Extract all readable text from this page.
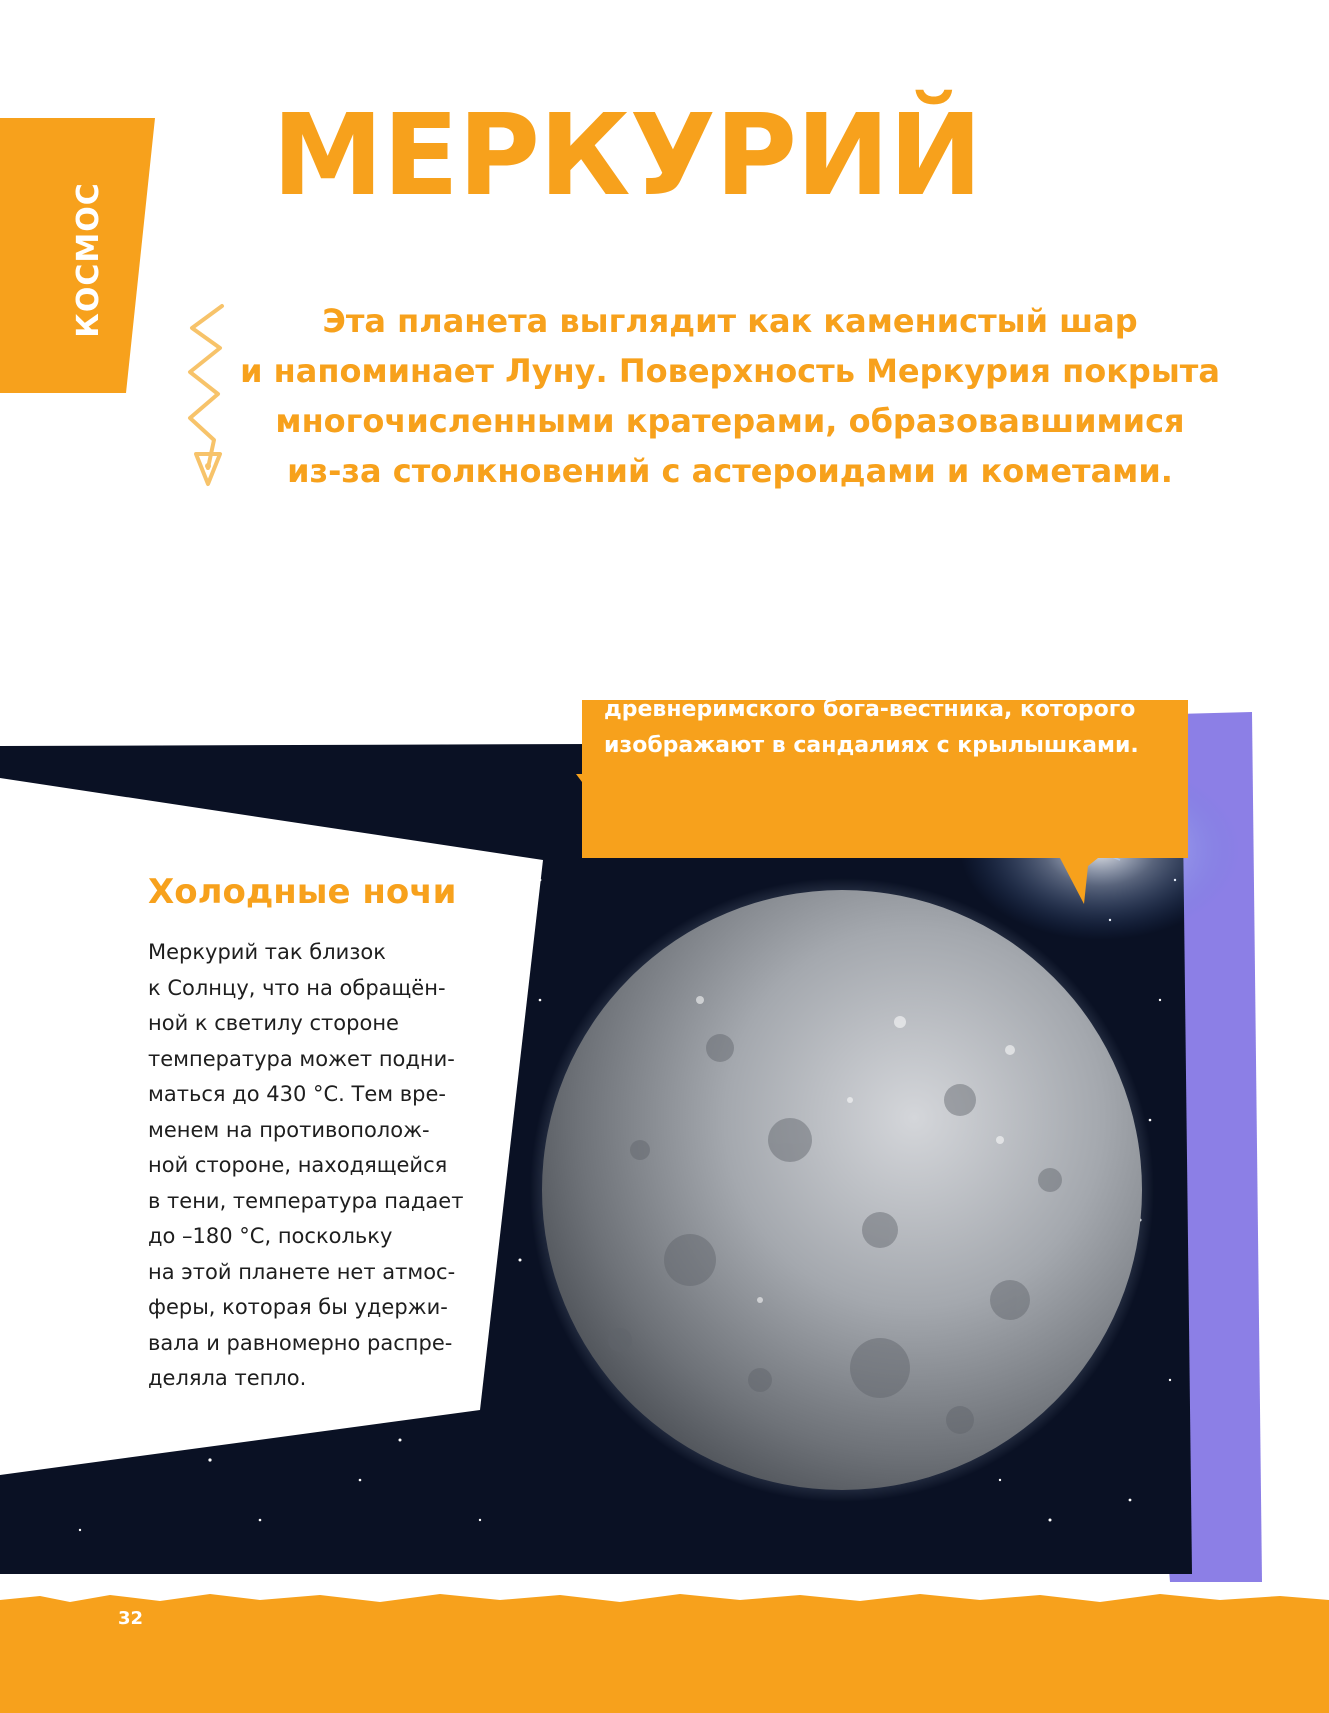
КОСМОС
МЕРКУРИЙ
Эта планета выглядит как каменистый шар
и напоминает Луну. Поверхность Меркурия покрыта
многочисленными кратерами, образовавшимися
из-за столкновений с астероидами и кометами.
Меркурий вращается вокруг светила быстрее
всех остальных планет Солнечной системы.
Поэтому и своё имя он получил в честь
древнеримского бога-вестника, которого
изображают в сандалиях с крылышками.
Холодные ночи
Меркурий так близок
к Солнцу, что на обращён-
ной к светилу стороне
температура может подни-
маться до 430 °С. Тем вре-
менем на противополож-
ной стороне, находящейся
в тени, температура падает
до –180 °С, поскольку
на этой планете нет атмос-
феры, которая бы удержи-
вала и равномерно распре-
деляла тепло.
32
